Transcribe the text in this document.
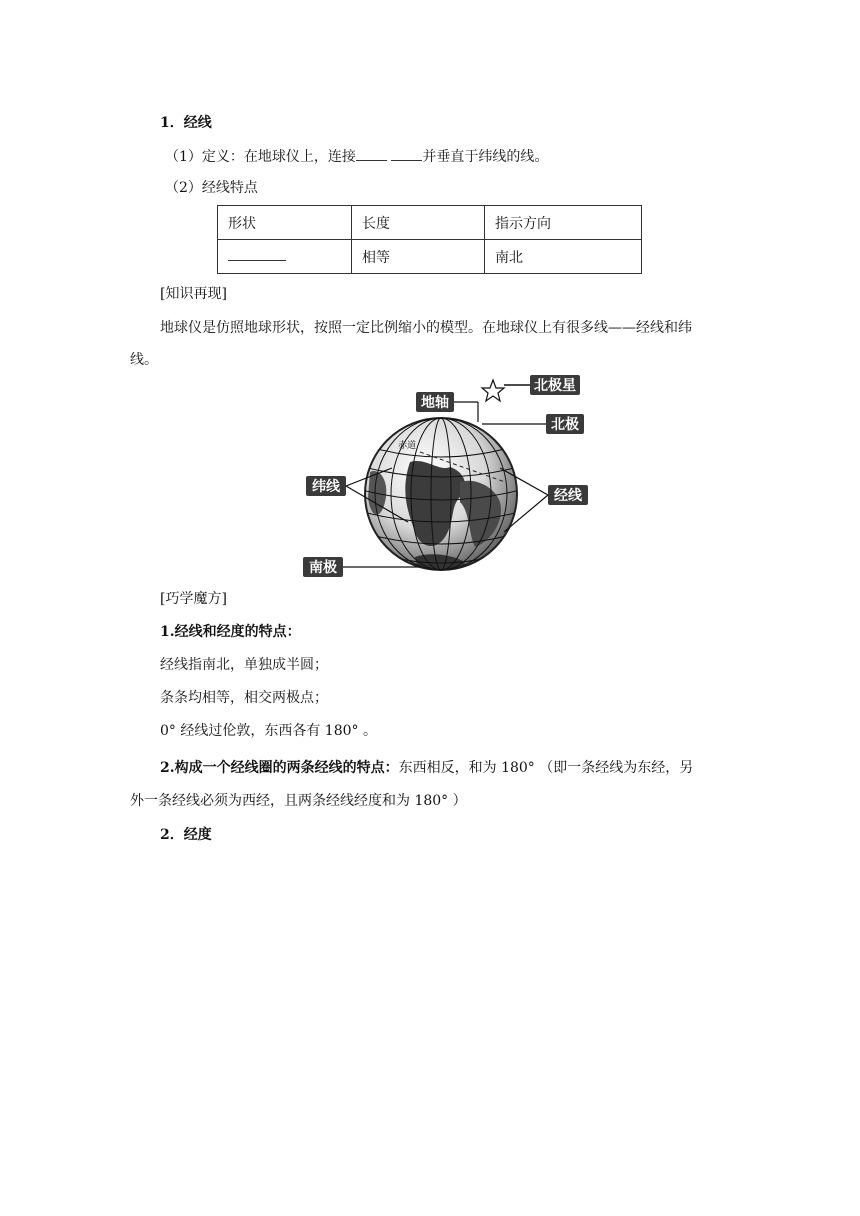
1．经线
（1）定义：在地球仪上，连接	并垂直于纬线的线。
（2）经线特点
形状	长度	指示方向
	相等	南北
[知识再现]
地球仪是仿照地球形状，按照一定比例缩小的模型。在地球仪上有很多线——经线和纬
线。
赤道
北极星
地轴
北极
纬线
经线
南极
[巧学魔方]
1.经线和经度的特点：
经线指南北，单独成半圆；
条条均相等，相交两极点；
0° 经线过伦敦，东西各有 180° 。
2.构成一个经线圈的两条经线的特点：东西相反，和为 180° （即一条经线为东经，另
外一条经线必须为西经，且两条经线经度和为 180° ）
2．经度
